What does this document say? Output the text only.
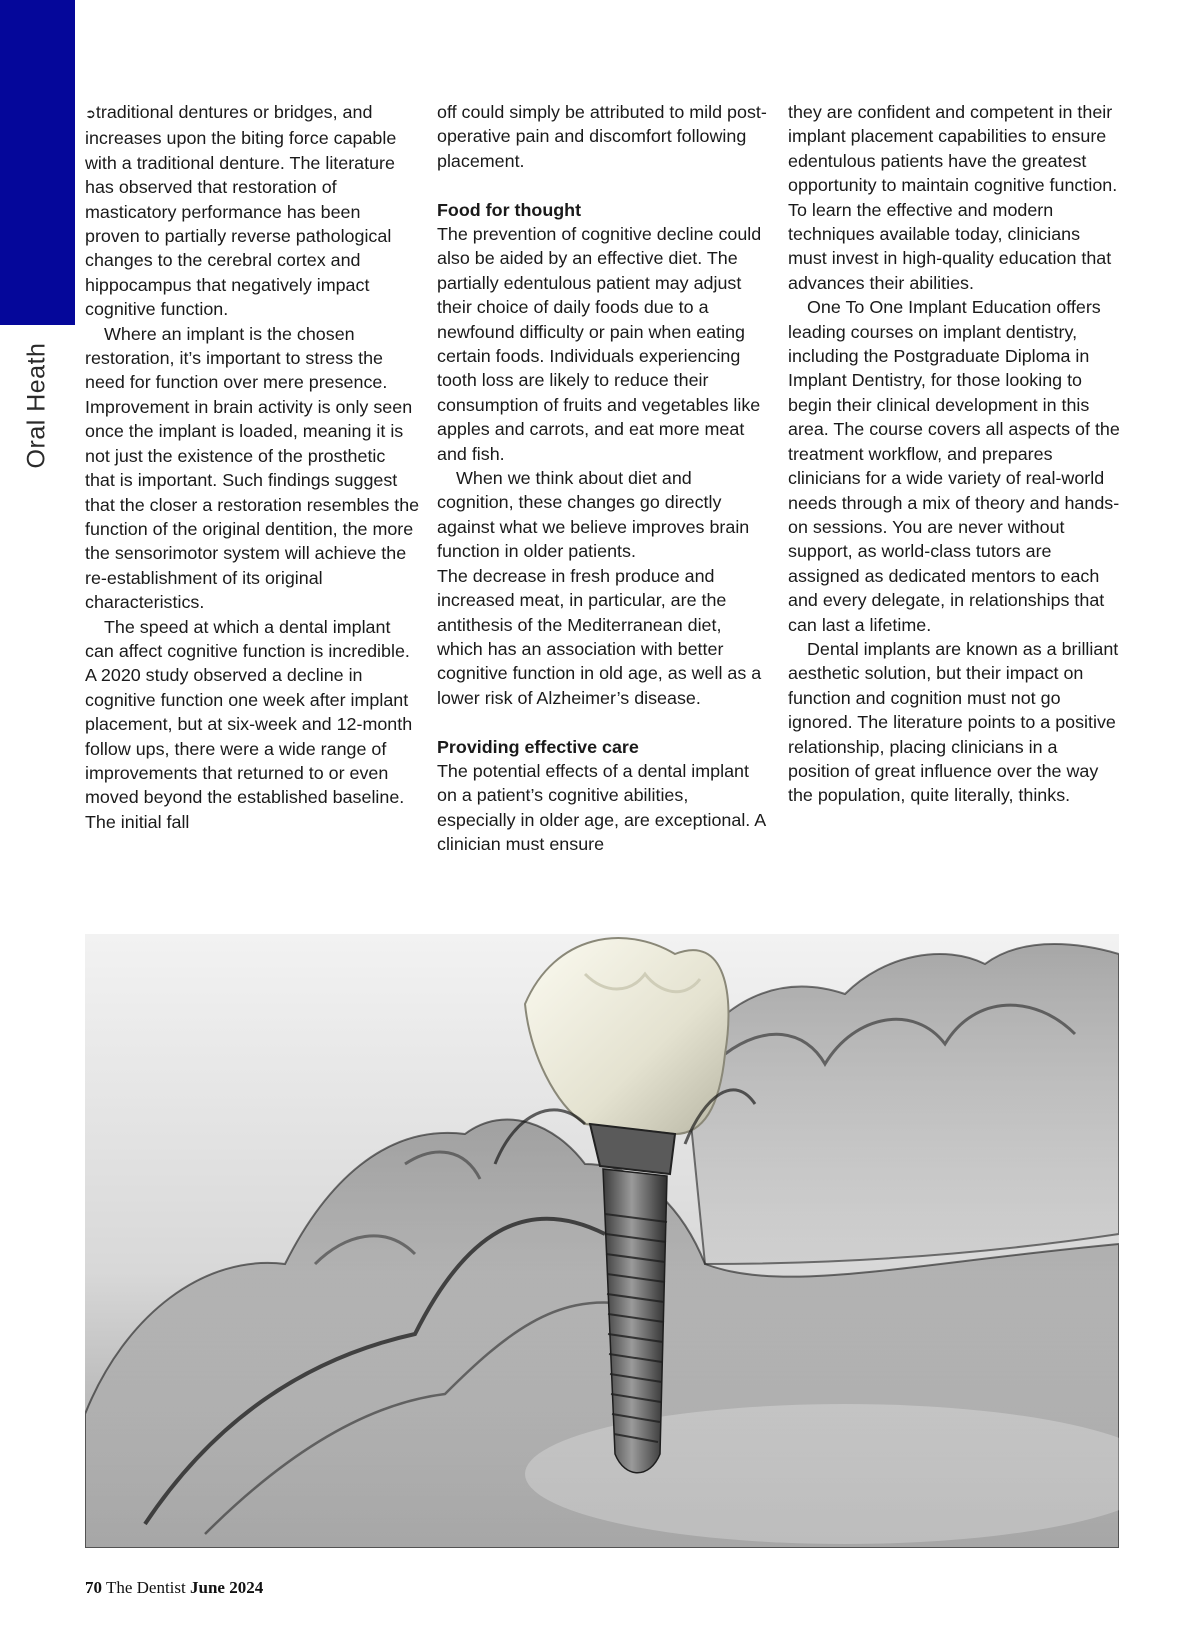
Oral Heath

➲traditional dentures or bridges, and increases upon the biting force capable with a traditional denture. The literature has observed that restoration of masticatory performance has been proven to partially reverse pathological changes to the cerebral cortex and hippocampus that negatively impact cognitive function.

Where an implant is the chosen restoration, it’s important to stress the need for function over mere presence. Improvement in brain activity is only seen once the implant is loaded, meaning it is not just the existence of the prosthetic that is important. Such findings suggest that the closer a restoration resembles the function of the original dentition, the more the sensorimotor system will achieve the re-establishment of its original characteristics.

The speed at which a dental implant can affect cognitive function is incredible. A 2020 study observed a decline in cognitive function one week after implant placement, but at six-week and 12-month follow ups, there were a wide range of improvements that returned to or even moved beyond the established baseline. The initial fall

off could simply be attributed to mild post-operative pain and discomfort following placement.

Food for thought

The prevention of cognitive decline could also be aided by an effective diet. The partially edentulous patient may adjust their choice of daily foods due to a newfound difficulty or pain when eating certain foods. Individuals experiencing tooth loss are likely to reduce their consumption of fruits and vegetables like apples and carrots, and eat more meat and fish.

When we think about diet and cognition, these changes go directly against what we believe improves brain function in older patients.

The decrease in fresh produce and increased meat, in particular, are the antithesis of the Mediterranean diet, which has an association with better cognitive function in old age, as well as a lower risk of Alzheimer’s disease.

Providing effective care

The potential effects of a dental implant on a patient’s cognitive abilities, especially in older age, are exceptional. A clinician must ensure

they are confident and competent in their implant placement capabilities to ensure edentulous patients have the greatest opportunity to maintain cognitive function. To learn the effective and modern techniques available today, clinicians must invest in high-quality education that advances their abilities.

One To One Implant Education offers leading courses on implant dentistry, including the Postgraduate Diploma in Implant Dentistry, for those looking to begin their clinical development in this area. The course covers all aspects of the treatment workflow, and prepares clinicians for a wide variety of real-world needs through a mix of theory and hands-on sessions. You are never without support, as world-class tutors are assigned as dedicated mentors to each and every delegate, in relationships that can last a lifetime.

Dental implants are known as a brilliant aesthetic solution, but their impact on function and cognition must not go ignored. The literature points to a positive relationship, placing clinicians in a position of great influence over the way the population, quite literally, thinks.

70 The Dentist June 2024
